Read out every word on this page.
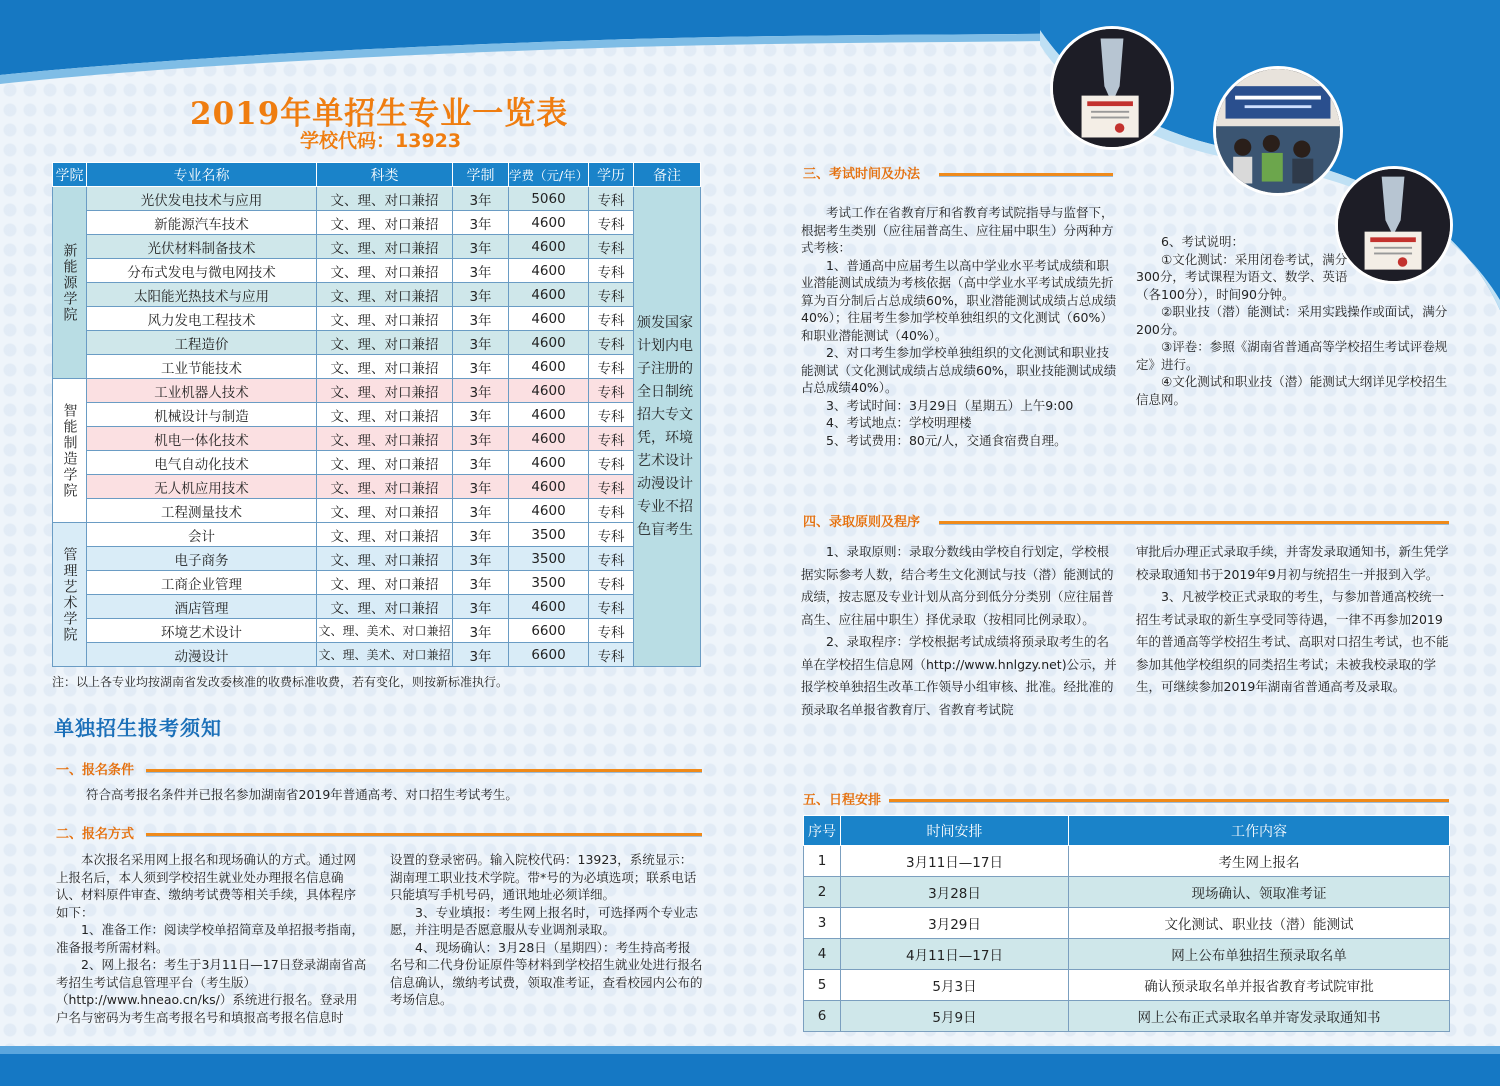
2019年单招生专业一览表
学校代码：13923
学院	专业名称	科类	学制	学费（元/年）	学历	备注
新能源学院	光伏发电技术与应用	文、理、对口兼招	3年	5060	专科	颁发国家计划内电子注册的全日制统招大专文凭，环境艺术设计动漫设计专业不招色盲考生
	新能源汽车技术	文、理、对口兼招	3年	4600	专科	
	光伏材料制备技术	文、理、对口兼招	3年	4600	专科	
	分布式发电与微电网技术	文、理、对口兼招	3年	4600	专科	
	太阳能光热技术与应用	文、理、对口兼招	3年	4600	专科	
	风力发电工程技术	文、理、对口兼招	3年	4600	专科	
	工程造价	文、理、对口兼招	3年	4600	专科	
	工业节能技术	文、理、对口兼招	3年	4600	专科	
智能制造学院	工业机器人技术	文、理、对口兼招	3年	4600	专科	
	机械设计与制造	文、理、对口兼招	3年	4600	专科	
	机电一体化技术	文、理、对口兼招	3年	4600	专科	
	电气自动化技术	文、理、对口兼招	3年	4600	专科	
	无人机应用技术	文、理、对口兼招	3年	4600	专科	
	工程测量技术	文、理、对口兼招	3年	4600	专科	
管理艺术学院	会计	文、理、对口兼招	3年	3500	专科	
	电子商务	文、理、对口兼招	3年	3500	专科	
	工商企业管理	文、理、对口兼招	3年	3500	专科	
	酒店管理	文、理、对口兼招	3年	4600	专科	
	环境艺术设计	文、理、美术、对口兼招	3年	6600	专科	
	动漫设计	文、理、美术、对口兼招	3年	6600	专科	
注：以上各专业均按湖南省发改委核准的收费标准收费，若有变化，则按新标准执行。
单独招生报考须知
一、报名条件

符合高考报名条件并已报名参加湖南省2019年普通高考、对口招生考试考生。

二、报名方式

本次报名采用网上报名和现场确认的方式。通过网上报名后，本人须到学校招生就业处办理报名信息确认、材料原件审查、缴纳考试费等相关手续，具体程序如下：

1、准备工作：阅读学校单招简章及单招报考指南，准备报考所需材料。

2、网上报名：考生于3月11日—17日登录湖南省高考招生考试信息管理平台（考生版）（http://www.hneao.cn/ks/）系统进行报名。登录用户名与密码为考生高考报名号和填报高考报名信息时

设置的登录密码。输入院校代码：13923，系统显示：湖南理工职业技术学院。带*号的为必填选项；联系电话只能填写手机号码，通讯地址必须详细。

3、专业填报：考生网上报名时，可选择两个专业志愿，并注明是否愿意服从专业调剂录取。

4、现场确认：3月28日（星期四）：考生持高考报名号和二代身份证原件等材料到学校招生就业处进行报名信息确认，缴纳考试费，领取准考证，查看校园内公布的考场信息。

三、考试时间及办法

考试工作在省教育厅和省教育考试院指导与监督下，根据考生类别（应往届普高生、应往届中职生）分两种方式考核：

1、普通高中应届考生以高中学业水平考试成绩和职业潜能测试成绩为考核依据（高中学业水平考试成绩先折算为百分制后占总成绩60%，职业潜能测试成绩占总成绩40%）；往届考生参加学校单独组织的文化测试（60%）和职业潜能测试（40%）。

2、对口考生参加学校单独组织的文化测试和职业技能测试（文化测试成绩占总成绩60%，职业技能测试成绩占总成绩40%）。

3、考试时间：3月29日（星期五）上午9:00

4、考试地点：学校明理楼

5、考试费用：80元/人，交通食宿费自理。

6、考试说明：

①文化测试：采用闭卷考试，满分300分，考试课程为语文、数学、英语（各100分），时间90分钟。

②职业技（潜）能测试：采用实践操作或面试，满分200分。

③评卷：参照《湖南省普通高等学校招生考试评卷规定》进行。

④文化测试和职业技（潜）能测试大纲详见学校招生信息网。

四、录取原则及程序

1、录取原则：录取分数线由学校自行划定，学校根据实际参考人数，结合考生文化测试与技（潜）能测试的成绩，按志愿及专业计划从高分到低分分类别（应往届普高生、应往届中职生）择优录取（按相同比例录取）。

2、录取程序：学校根据考试成绩将预录取考生的名单在学校招生信息网（http://www.hnlgzy.net)公示，并报学校单独招生改革工作领导小组审核、批准。经批准的预录取名单报省教育厅、省教育考试院

审批后办理正式录取手续，并寄发录取通知书，新生凭学校录取通知书于2019年9月初与统招生一并报到入学。

3、凡被学校正式录取的考生，与参加普通高校统一招生考试录取的新生享受同等待遇，一律不再参加2019年的普通高等学校招生考试、高职对口招生考试，也不能参加其他学校组织的同类招生考试；未被我校录取的学生，可继续参加2019年湖南省普通高考及录取。

五、日程安排
序号	时间安排	工作内容
1	3月11日—17日	考生网上报名
2	3月28日	现场确认、领取准考证
3	3月29日	文化测试、职业技（潜）能测试
4	4月11日—17日	网上公布单独招生预录取名单
5	5月3日	确认预录取名单并报省教育考试院审批
6	5月9日	网上公布正式录取名单并寄发录取通知书
